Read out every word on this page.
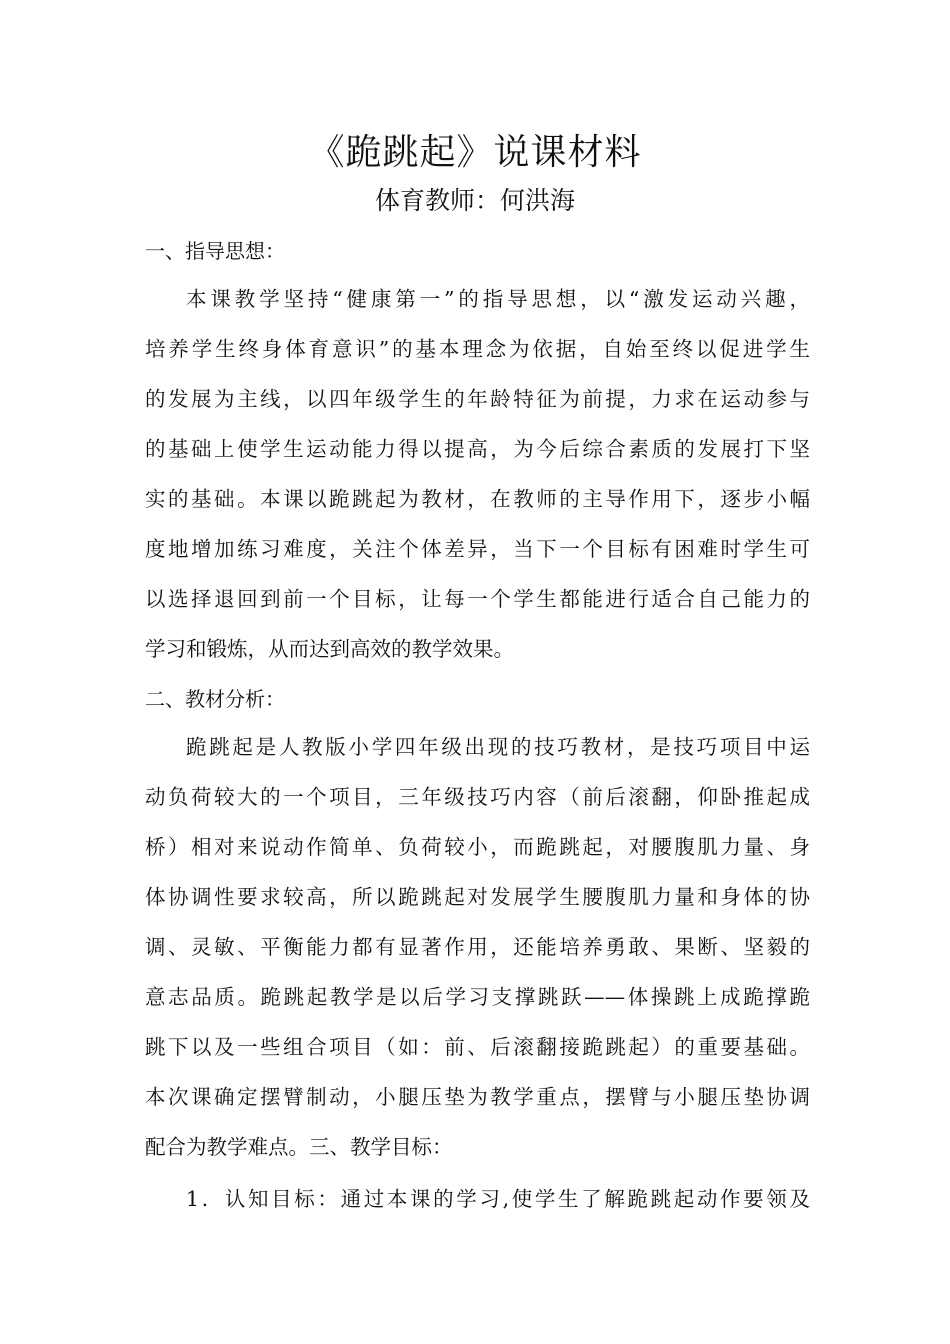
《跪跳起》说课材料
体育教师：何洪海
一、指导思想：
本课教学坚持“健康第一”的指导思想，以“激发运动兴趣，
培养学生终身体育意识”的基本理念为依据，自始至终以促进学生
的发展为主线，以四年级学生的年龄特征为前提，力求在运动参与
的基础上使学生运动能力得以提高，为今后综合素质的发展打下坚
实的基础。本课以跪跳起为教材，在教师的主导作用下，逐步小幅
度地增加练习难度，关注个体差异，当下一个目标有困难时学生可
以选择退回到前一个目标，让每一个学生都能进行适合自己能力的
学习和锻炼，从而达到高效的教学效果。
二、教材分析：
跪跳起是人教版小学四年级出现的技巧教材，是技巧项目中运
动负荷较大的一个项目，三年级技巧内容（前后滚翻，仰卧推起成
桥）相对来说动作简单、负荷较小，而跪跳起，对腰腹肌力量、身
体协调性要求较高，所以跪跳起对发展学生腰腹肌力量和身体的协
调、灵敏、平衡能力都有显著作用，还能培养勇敢、果断、坚毅的
意志品质。跪跳起教学是以后学习支撑跳跃——体操跳上成跪撑跪
跳下以及一些组合项目（如：前、后滚翻接跪跳起）的重要基础。
本次课确定摆臂制动，小腿压垫为教学重点，摆臂与小腿压垫协调
配合为教学难点。三、教学目标：
1．认知目标：通过本课的学习,使学生了解跪跳起动作要领及
